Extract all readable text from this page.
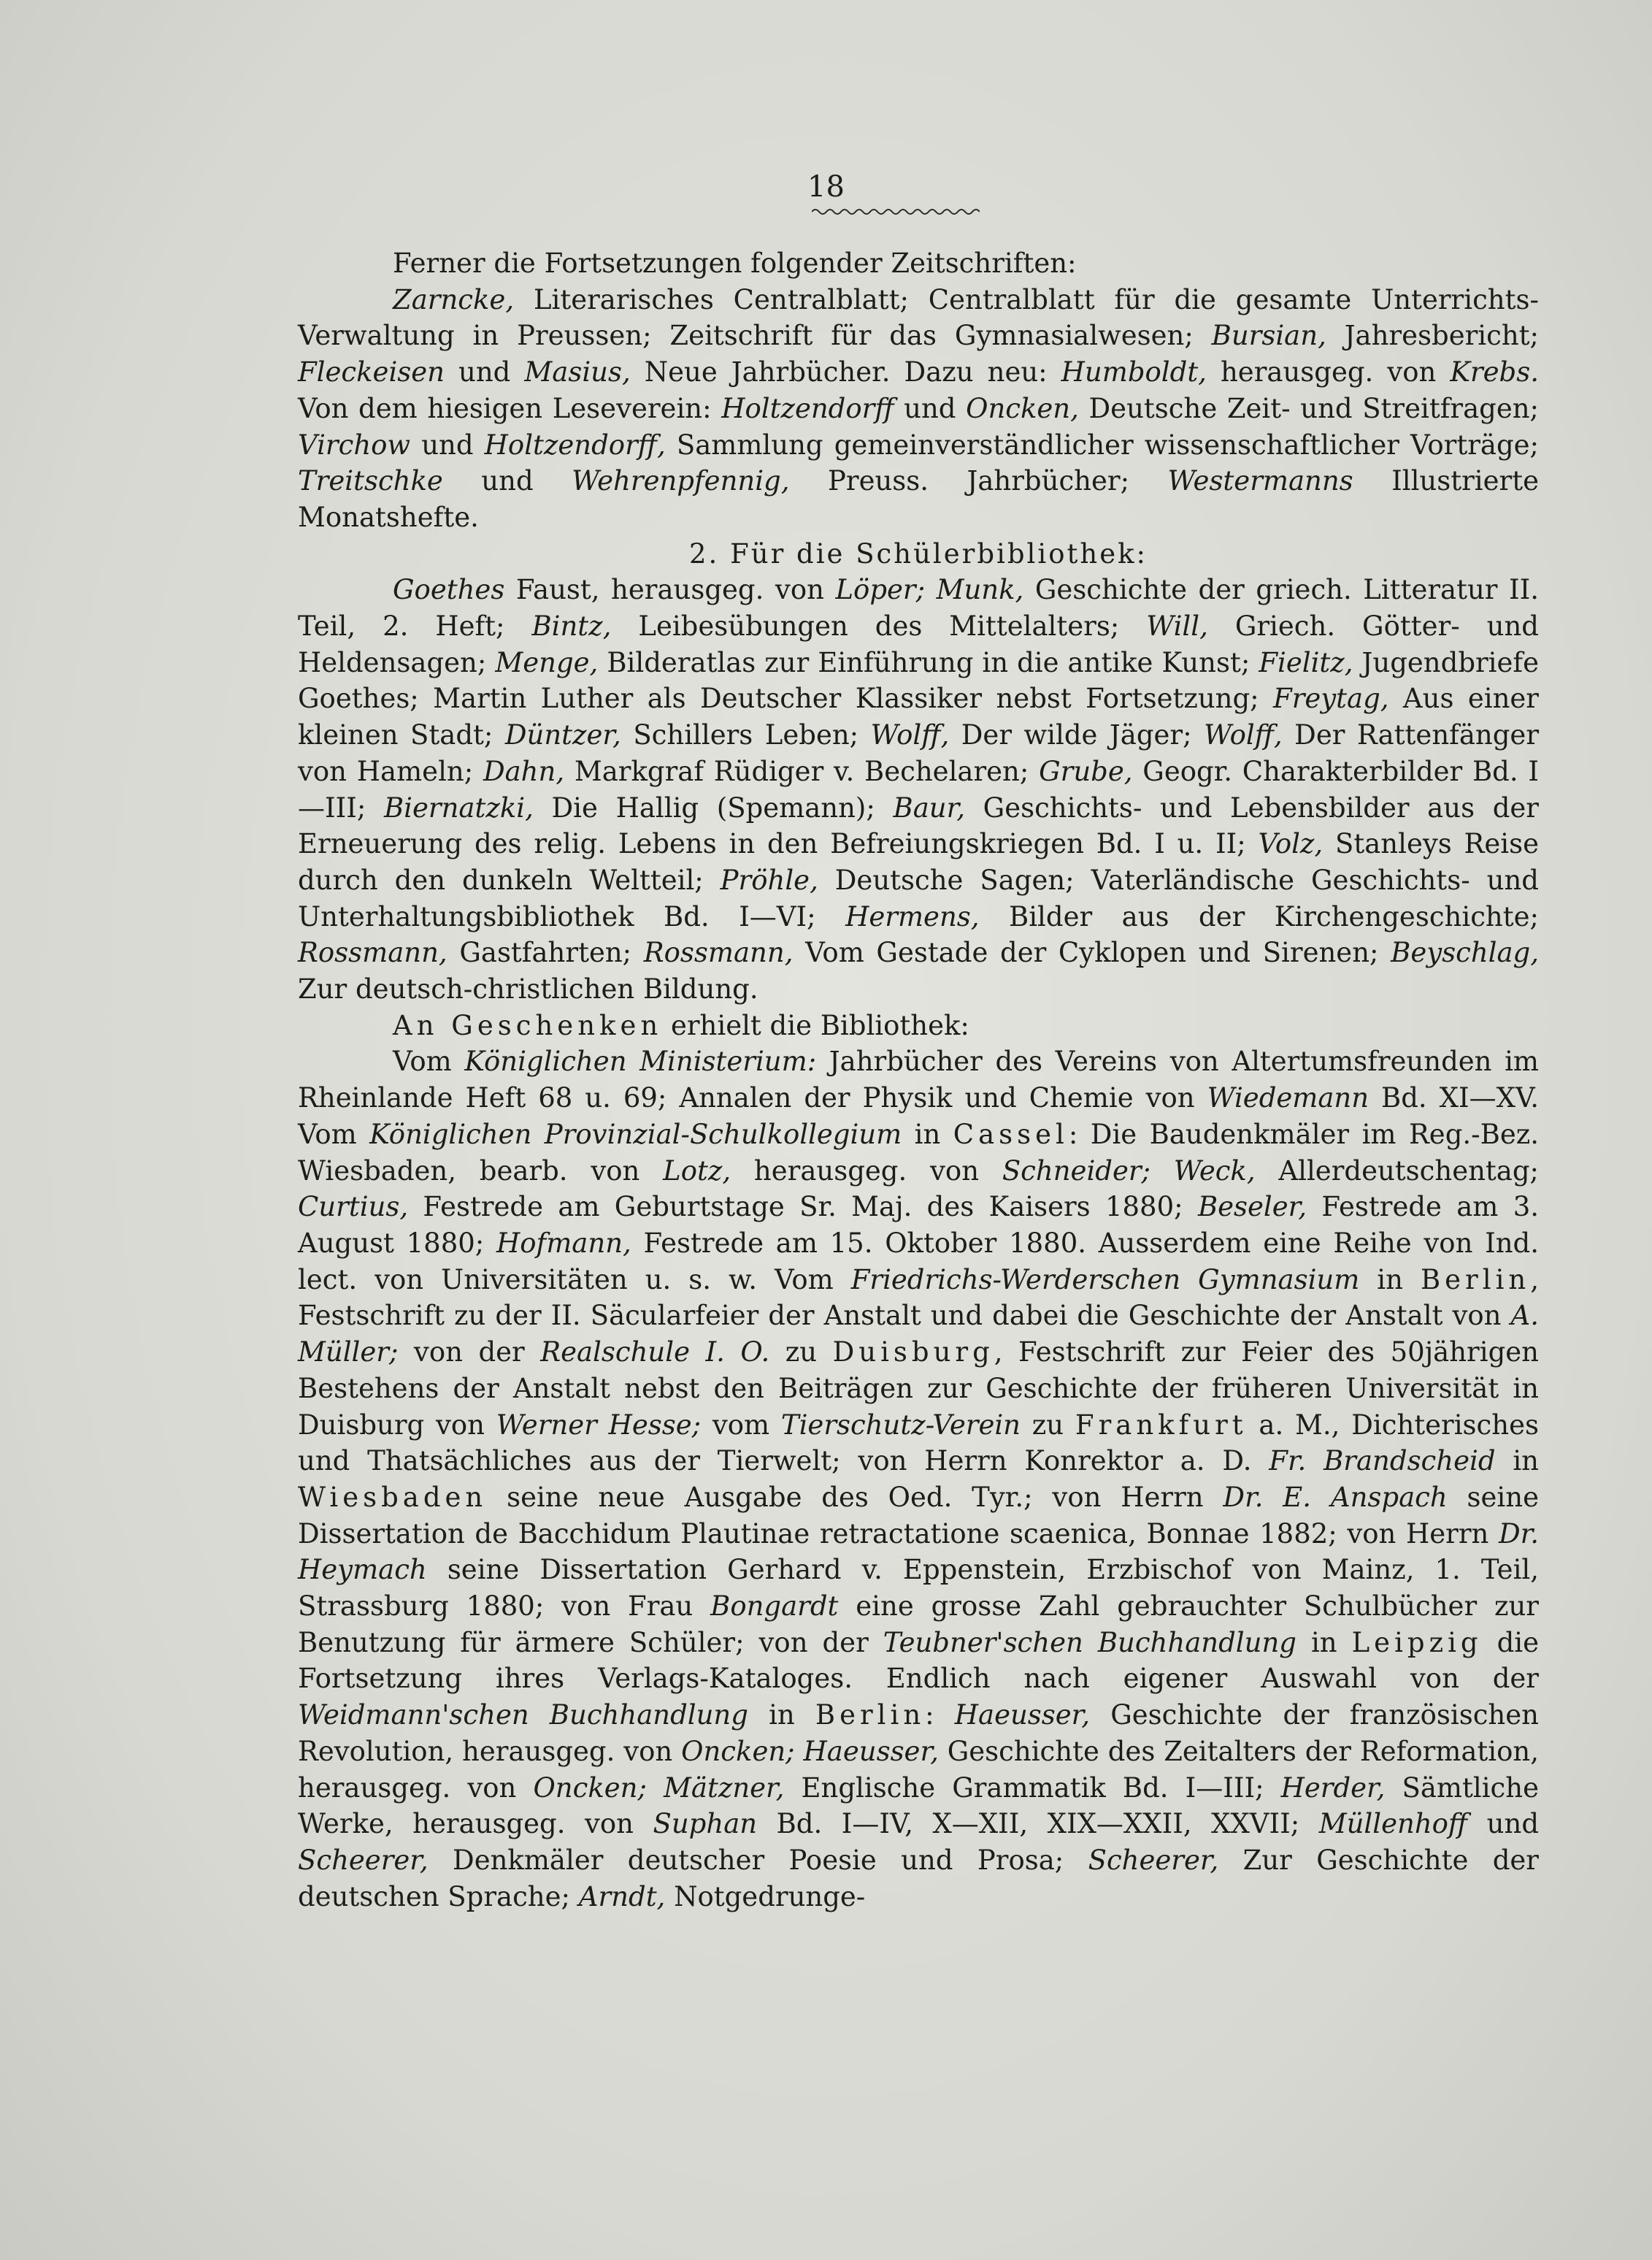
18

Ferner die Fortsetzungen folgender Zeitschriften:

Zarncke, Literarisches Centralblatt; Centralblatt für die gesamte Unterrichts-Verwaltung in Preussen; Zeitschrift für das Gymnasialwesen; Bursian, Jahresbericht; Fleckeisen und Masius, Neue Jahrbücher. Dazu neu: Humboldt, herausgeg. von Krebs. Von dem hiesigen Leseverein: Holtzendorff und Oncken, Deutsche Zeit- und Streitfragen; Virchow und Holtzendorff, Sammlung gemeinverständlicher wissenschaftlicher Vorträge; Treitschke und Wehrenpfennig, Preuss. Jahrbücher; Westermanns Illustrierte Monatshefte.

2. Für die Schülerbibliothek:

Goethes Faust, herausgeg. von Löper; Munk, Geschichte der griech. Litteratur II. Teil, 2. Heft; Bintz, Leibesübungen des Mittelalters; Will, Griech. Götter- und Heldensagen; Menge, Bilderatlas zur Einführung in die antike Kunst; Fielitz, Jugendbriefe Goethes; Martin Luther als Deutscher Klassiker nebst Fortsetzung; Freytag, Aus einer kleinen Stadt; Düntzer, Schillers Leben; Wolff, Der wilde Jäger; Wolff, Der Rattenfänger von Hameln; Dahn, Markgraf Rüdiger v. Bechelaren; Grube, Geogr. Charakterbilder Bd. I—III; Biernatzki, Die Hallig (Spemann); Baur, Geschichts- und Lebensbilder aus der Erneuerung des relig. Lebens in den Befreiungskriegen Bd. I u. II; Volz, Stanleys Reise durch den dunkeln Weltteil; Pröhle, Deutsche Sagen; Vaterländische Geschichts- und Unterhaltungsbibliothek Bd. I—VI; Hermens, Bilder aus der Kirchengeschichte; Rossmann, Gastfahrten; Rossmann, Vom Gestade der Cyklopen und Sirenen; Beyschlag, Zur deutsch-christlichen Bildung.

An Geschenken erhielt die Bibliothek:

Vom Königlichen Ministerium: Jahrbücher des Vereins von Altertumsfreunden im Rheinlande Heft 68 u. 69; Annalen der Physik und Chemie von Wiedemann Bd. XI—XV. Vom Königlichen Provinzial-Schulkollegium in Cassel: Die Baudenkmäler im Reg.-Bez. Wiesbaden, bearb. von Lotz, herausgeg. von Schneider; Weck, Allerdeutschentag; Curtius, Festrede am Geburtstage Sr. Maj. des Kaisers 1880; Beseler, Festrede am 3. August 1880; Hofmann, Festrede am 15. Oktober 1880. Ausserdem eine Reihe von Ind. lect. von Universitäten u. s. w. Vom Friedrichs-Werderschen Gymnasium in Berlin, Festschrift zu der II. Säcularfeier der Anstalt und dabei die Geschichte der Anstalt von A. Müller; von der Realschule I. O. zu Duisburg, Festschrift zur Feier des 50jährigen Bestehens der Anstalt nebst den Beiträgen zur Geschichte der früheren Universität in Duisburg von Werner Hesse; vom Tierschutz-Verein zu Frankfurt a. M., Dichterisches und Thatsächliches aus der Tierwelt; von Herrn Konrektor a. D. Fr. Brandscheid in Wiesbaden seine neue Ausgabe des Oed. Tyr.; von Herrn Dr. E. Anspach seine Dissertation de Bacchidum Plautinae retractatione scaenica, Bonnae 1882; von Herrn Dr. Heymach seine Dissertation Gerhard v. Eppenstein, Erzbischof von Mainz, 1. Teil, Strassburg 1880; von Frau Bongardt eine grosse Zahl gebrauchter Schulbücher zur Benutzung für ärmere Schüler; von der Teubner'schen Buchhandlung in Leipzig die Fortsetzung ihres Verlags-Kataloges. Endlich nach eigener Auswahl von der Weidmann'schen Buchhandlung in Berlin: Haeusser, Geschichte der französischen Revolution, herausgeg. von Oncken; Haeusser, Geschichte des Zeitalters der Reformation, herausgeg. von Oncken; Mätzner, Englische Grammatik Bd. I—III; Herder, Sämtliche Werke, herausgeg. von Suphan Bd. I—IV, X—XII, XIX—XXII, XXVII; Müllenhoff und Scheerer, Denkmäler deutscher Poesie und Prosa; Scheerer, Zur Geschichte der deutschen Sprache; Arndt, Notgedrunge-
